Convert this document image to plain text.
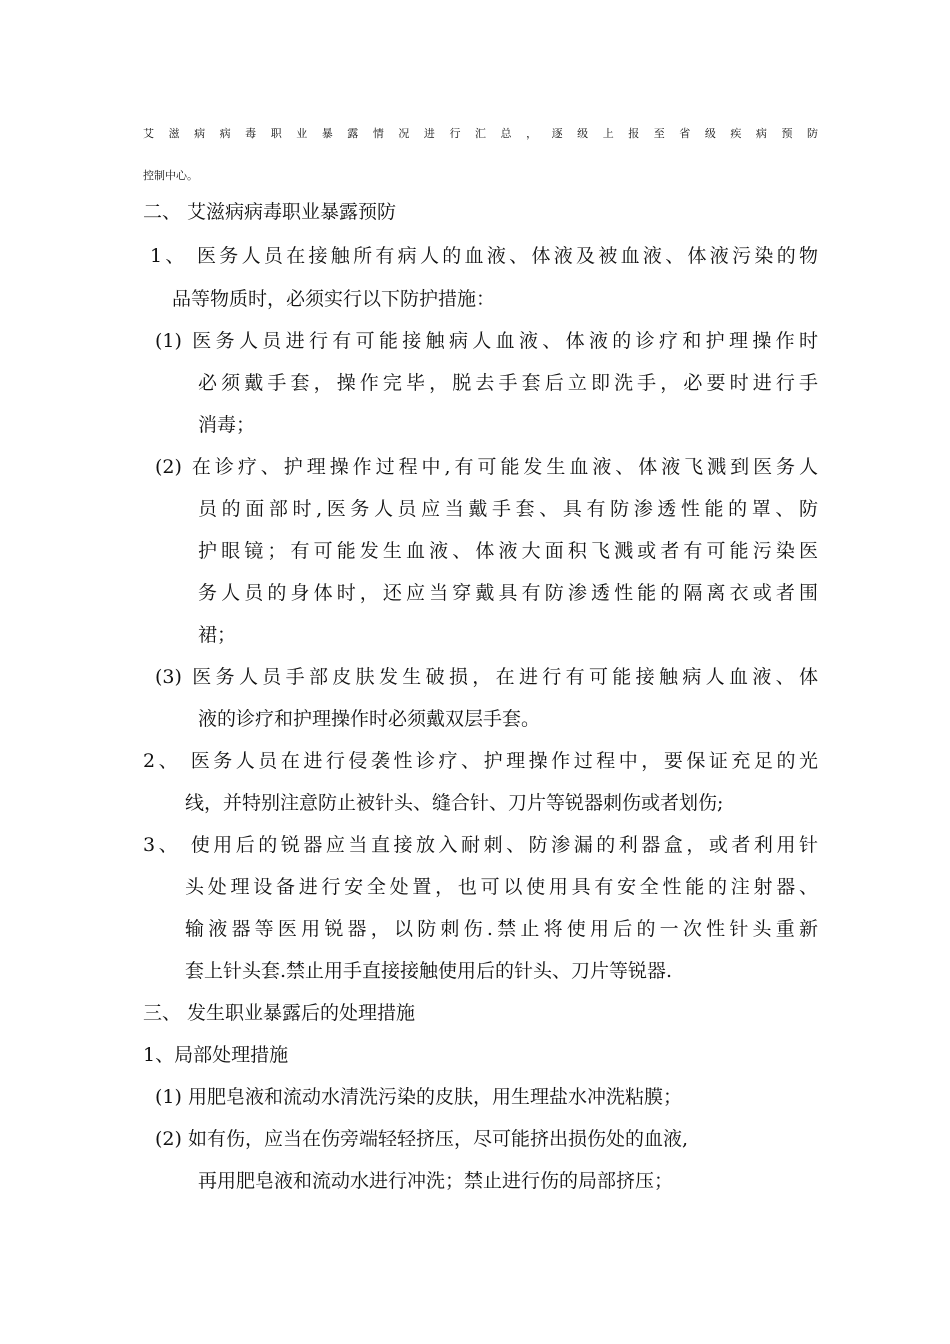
艾滋病病毒职业暴露情况进行汇总，逐级上报至省级疾病预防
控制中心。
二、 艾滋病病毒职业暴露预防
1、 医务人员在接触所有病人的血液、体液及被血液、体液污染的物
品等物质时，必须实行以下防护措施：
(1) 医务人员进行有可能接触病人血液、体液的诊疗和护理操作时
必须戴手套，操作完毕，脱去手套后立即洗手，必要时进行手
消毒；
(2) 在诊疗、护理操作过程中,有可能发生血液、体液飞溅到医务人
员的面部时,医务人员应当戴手套、具有防渗透性能的罩、防
护眼镜；有可能发生血液、体液大面积飞溅或者有可能污染医
务人员的身体时，还应当穿戴具有防渗透性能的隔离衣或者围
裙；
(3) 医务人员手部皮肤发生破损，在进行有可能接触病人血液、体
液的诊疗和护理操作时必须戴双层手套。
2、 医务人员在进行侵袭性诊疗、护理操作过程中，要保证充足的光
线，并特别注意防止被针头、缝合针、刀片等锐器刺伤或者划伤;
3、 使用后的锐器应当直接放入耐刺、防渗漏的利器盒，或者利用针
头处理设备进行安全处置，也可以使用具有安全性能的注射器、
输液器等医用锐器，以防刺伤.禁止将使用后的一次性针头重新
套上针头套.禁止用手直接接触使用后的针头、刀片等锐器.
三、 发生职业暴露后的处理措施
1、局部处理措施
(1) 用肥皂液和流动水清洗污染的皮肤，用生理盐水冲洗粘膜；
(2) 如有伤，应当在伤旁端轻轻挤压，尽可能挤出损伤处的血液,
再用肥皂液和流动水进行冲洗；禁止进行伤的局部挤压；
